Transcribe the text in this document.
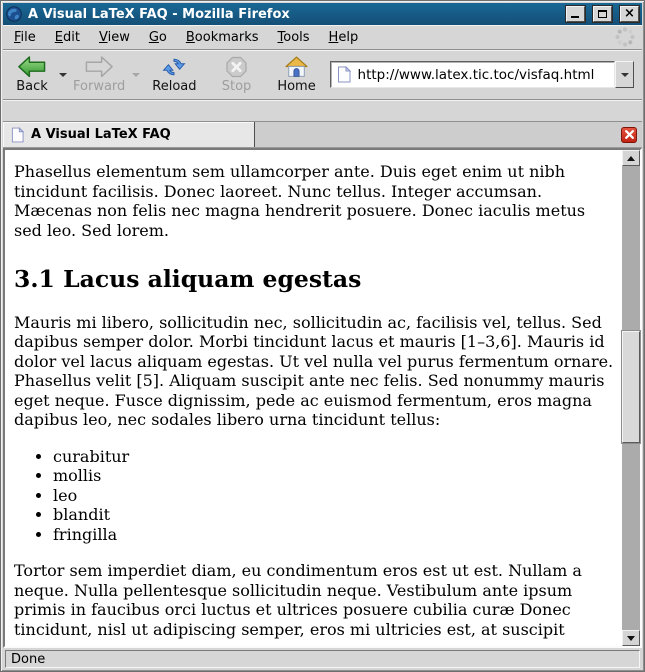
A Visual LaTeX FAQ - Mozilla Firefox	×
File	Edit	View	Go	Bookmarks	Tools	Help
Back Forward Reload Stop Home
http://www.latex.tic.toc/visfaq.html
A Visual LaTeX FAQ

Phasellus elementum sem ullamcorper ante. Duis eget enim ut nibh tincidunt facilisis. Donec laoreet. Nunc tellus. Integer accumsan. Mæcenas non felis nec magna hendrerit posuere. Donec iaculis metus sed leo. Sed lorem.

3.1 Lacus aliquam egestas

Mauris mi libero, sollicitudin nec, sollicitudin ac, facilisis vel, tellus. Sed dapibus semper dolor. Morbi tincidunt lacus et mauris [1–3,6]. Mauris id dolor vel lacus aliquam egestas. Ut vel nulla vel purus fermentum ornare. Phasellus velit [5]. Aliquam suscipit ante nec felis. Sed nonummy mauris eget neque. Fusce dignissim, pede ac euismod fermentum, eros magna dapibus leo, nec sodales libero urna tincidunt tellus:

• curabitur
• mollis
• leo
• blandit
• fringilla

Tortor sem imperdiet diam, eu condimentum eros est ut est. Nullam a neque. Nulla pellentesque sollicitudin neque. Vestibulum ante ipsum primis in faucibus orci luctus et ultrices posuere cubilia curæ Donec tincidunt, nisl ut adipiscing semper, eros mi ultricies est, at suscipit

Done
